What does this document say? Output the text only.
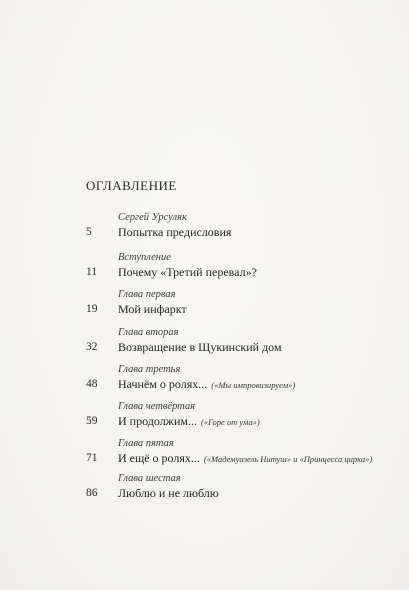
ОГЛАВЛЕНИЕ
Сергей Урсуляк
5 Попытка предисловия
Вступление
11 Почему «Третий перевал»?
Глава первая
19 Мой инфаркт
Глава вторая
32 Возвращение в Щукинский дом
Глава третья
48 Начнём о ролях... («Мы импровизируем»)
Глава четвёртая
59 И продолжим... («Горе от ума»)
Глава пятая
71 И ещё о ролях... («Мадемуазель Нитуш» и «Принцесса цирка»)
Глава шестая
86 Люблю и не люблю
